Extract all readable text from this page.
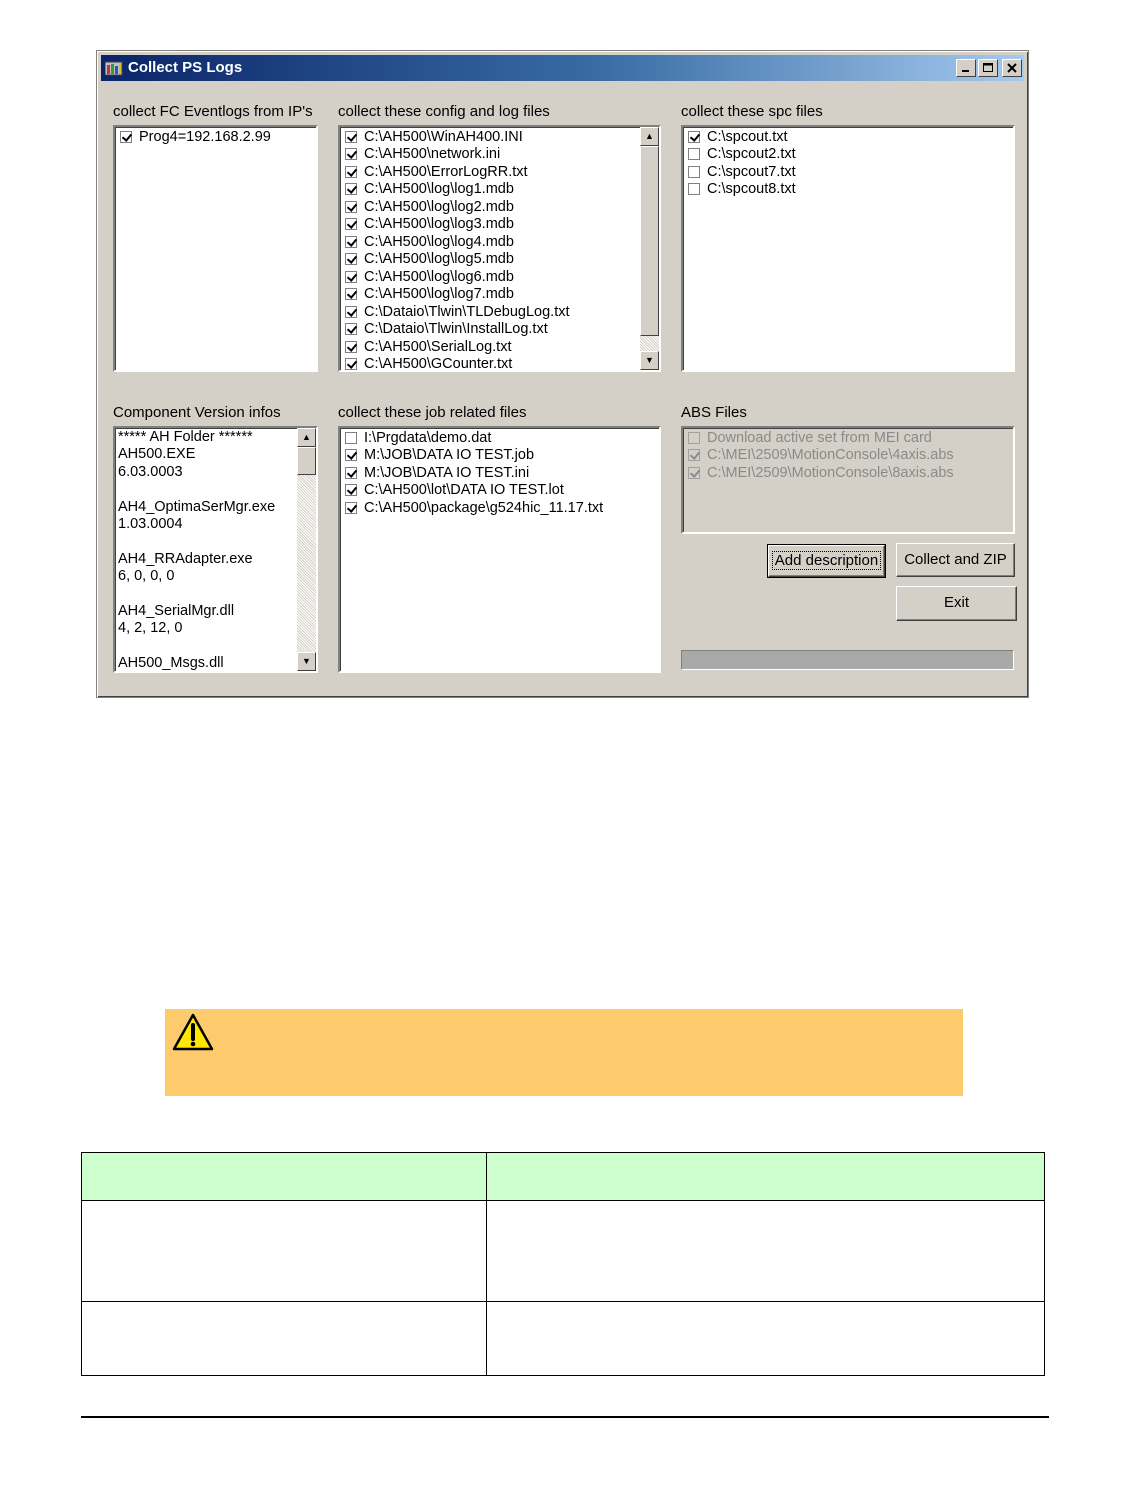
Collect PS Logs
collect FC Eventlogs from IP's collect these config and log files	collect these spc files
Component Version infos	collect these job related files	ABS Files
Prog4=192.168.2.99	C:\AH500\WinAH400.INI
C:\AH500\network.ini
C:\AH500\ErrorLogRR.txt
C:\AH500\log\log1.mdb
C:\AH500\log\log2.mdb
C:\AH500\log\log3.mdb
C:\AH500\log\log4.mdb
C:\AH500\log\log5.mdb
C:\AH500\log\log6.mdb
C:\AH500\log\log7.mdb
C:\Dataio\Tlwin\TLDebugLog.txt
C:\Dataio\Tlwin\InstallLog.txt
C:\AH500\SerialLog.txt
C:\AH500\GCounter.txt
▲
▼
C:\spcout.txt
C:\spcout2.txt
C:\spcout7.txt
C:\spcout8.txt
***** AH Folder ******
AH500.EXE
6.03.0003

AH4_OptimaSerMgr.exe
1.03.0004

AH4_RRAdapter.exe
6, 0, 0, 0

AH4_SerialMgr.dll
4, 2, 12, 0

AH500_Msgs.dll
▲
▼
I:\Prgdata\demo.dat
M:\JOB\DATA IO TEST.job
M:\JOB\DATA IO TEST.ini
C:\AH500\lot\DATA IO TEST.lot
C:\AH500\package\g524hic_11.17.txt
Download active set from MEI card
C:\MEI\2509\MotionConsole\4axis.abs
C:\MEI\2509\MotionConsole\8axis.abs
Add description	Collect and ZIP
Exit
